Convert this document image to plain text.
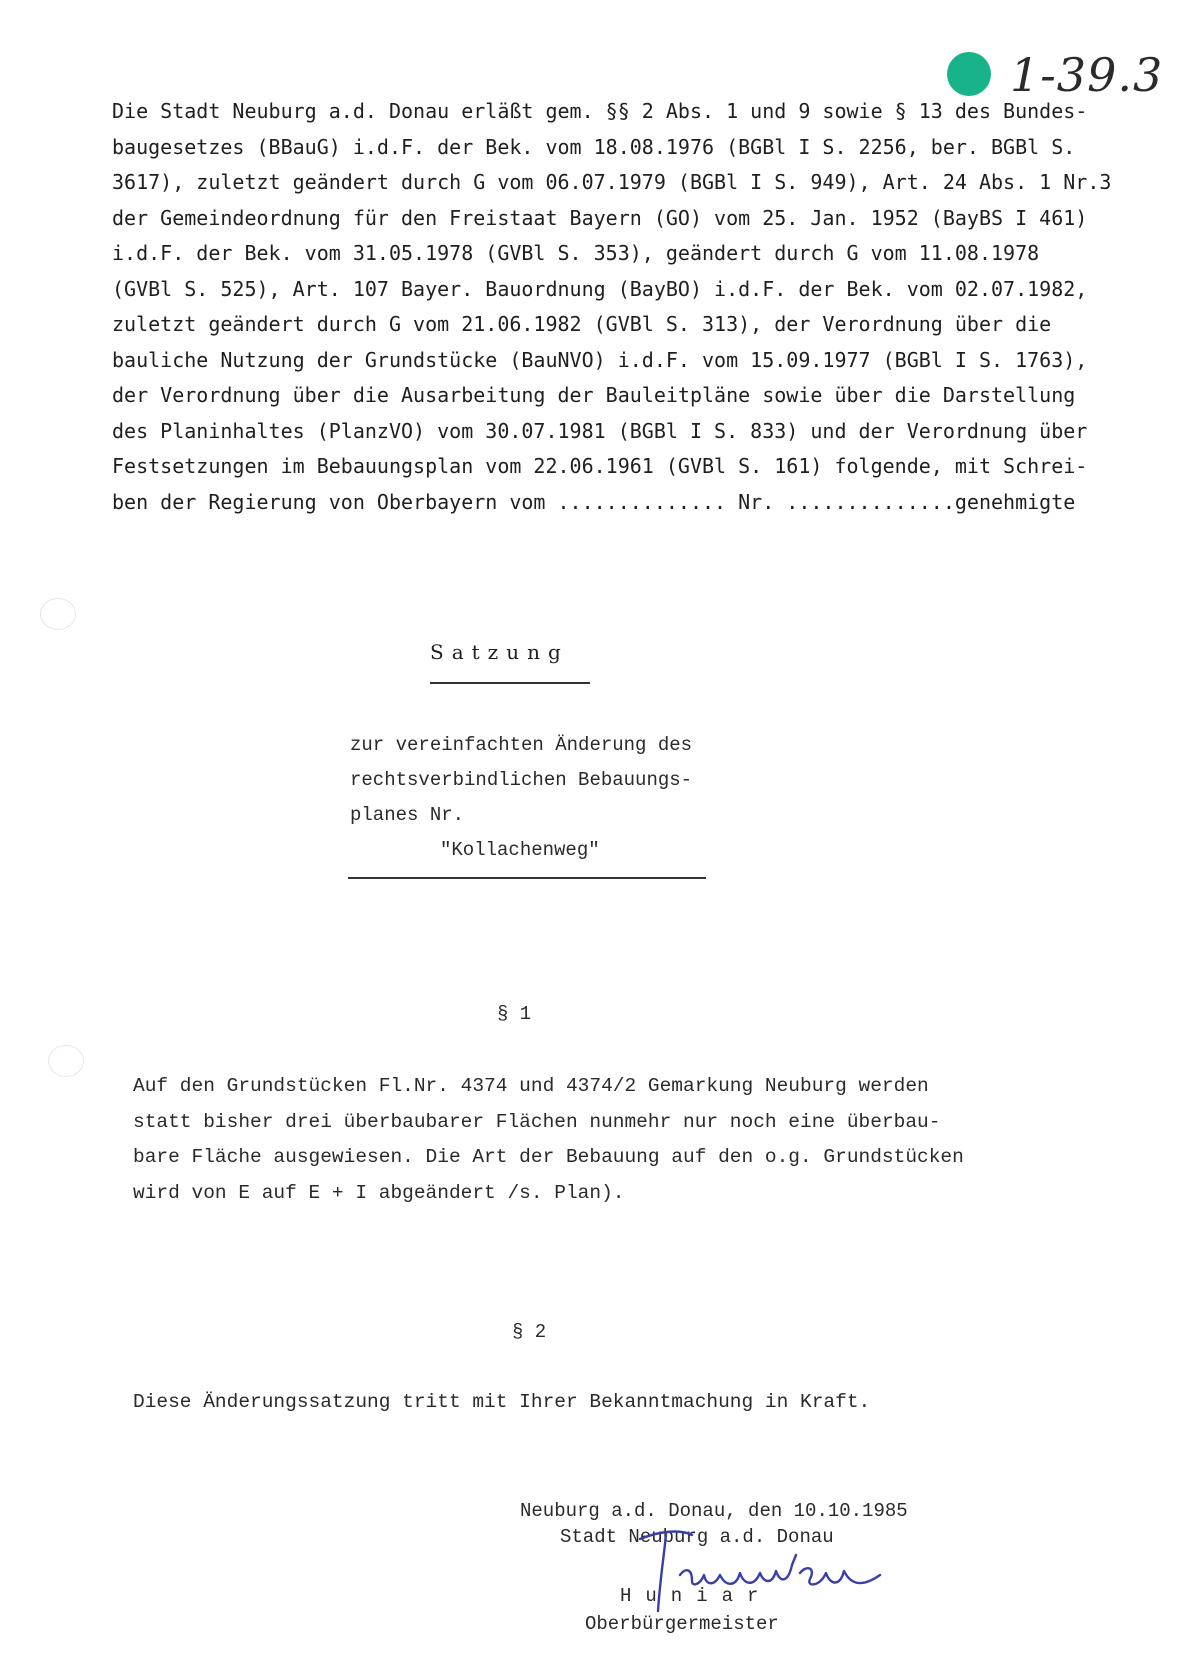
1-39.3
Die Stadt Neuburg a.d. Donau erläßt gem. §§ 2 Abs. 1 und 9 sowie § 13 des Bundes-
baugesetzes (BBauG) i.d.F. der Bek. vom 18.08.1976 (BGBl I S. 2256, ber. BGBl S.
3617), zuletzt geändert durch G vom 06.07.1979 (BGBl I S. 949), Art. 24 Abs. 1 Nr.3
der Gemeindeordnung für den Freistaat Bayern (GO) vom 25. Jan. 1952 (BayBS I 461)
i.d.F. der Bek. vom 31.05.1978 (GVBl S. 353), geändert durch G vom 11.08.1978
(GVBl S. 525), Art. 107 Bayer. Bauordnung (BayBO) i.d.F. der Bek. vom 02.07.1982,
zuletzt geändert durch G vom 21.06.1982 (GVBl S. 313), der Verordnung über die
bauliche Nutzung der Grundstücke (BauNVO) i.d.F. vom 15.09.1977 (BGBl I S. 1763),
der Verordnung über die Ausarbeitung der Bauleitpläne sowie über die Darstellung
des Planinhaltes (PlanzVO) vom 30.07.1981 (BGBl I S. 833) und der Verordnung über
Festsetzungen im Bebauungsplan vom 22.06.1961 (GVBl S. 161) folgende, mit Schrei-
ben der Regierung von Oberbayern vom .............. Nr. ..............genehmigte
Satzung
zur vereinfachten Änderung des
rechtsverbindlichen Bebauungs-
planes Nr.
"Kollachenweg"
§ 1
Auf den Grundstücken Fl.Nr. 4374 und 4374/2 Gemarkung Neuburg werden
statt bisher drei überbaubarer Flächen nunmehr nur noch eine überbau-
bare Fläche ausgewiesen. Die Art der Bebauung auf den o.g. Grundstücken
wird von E auf E + I abgeändert /s. Plan).
§ 2
Diese Änderungssatzung tritt mit Ihrer Bekanntmachung in Kraft.
Neuburg a.d. Donau, den 10.10.1985
Stadt Neuburg a.d. Donau
Huniar
Oberbürgermeister
